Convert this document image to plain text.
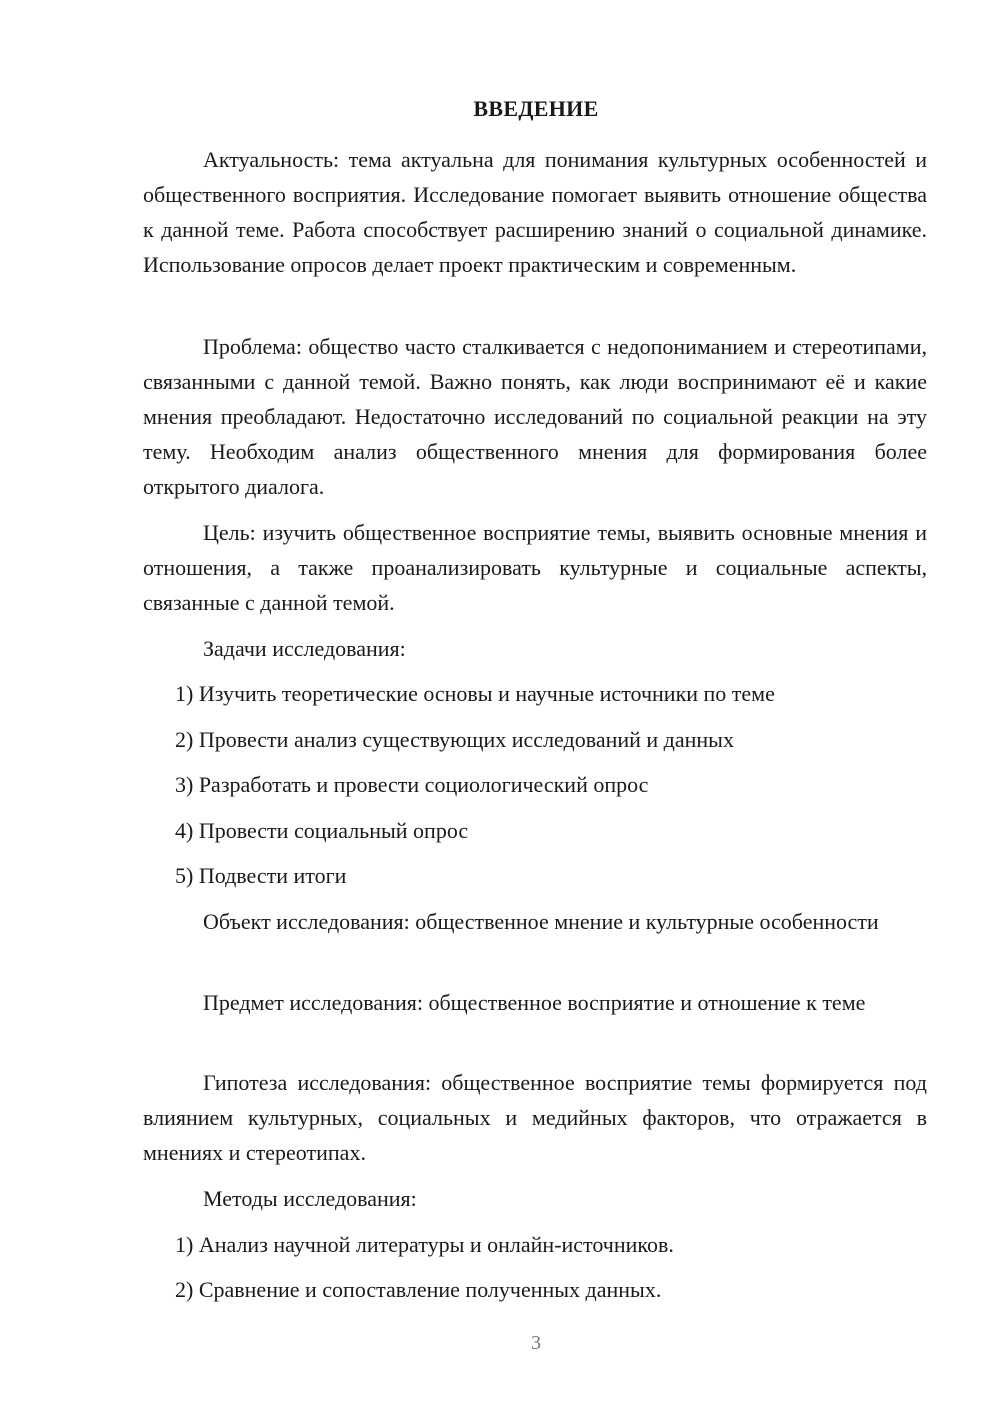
ВВЕДЕНИЕ

Актуальность: тема актуальна для понимания культурных особенностей и общественного восприятия. Исследование помогает выявить отношение общества к данной теме. Работа способствует расширению знаний о социальной динамике. Использование опросов делает проект практическим и современным.

Проблема: общество часто сталкивается с недопониманием и стереотипами, связанными с данной темой. Важно понять, как люди воспринимают её и какие мнения преобладают. Недостаточно исследований по социальной реакции на эту тему. Необходим анализ общественного мнения для формирования более открытого диалога.

Цель: изучить общественное восприятие темы, выявить основные мнения и отношения, а также проанализировать культурные и социальные аспекты, связанные с данной темой.

Задачи исследования:

1) Изучить теоретические основы и научные источники по теме
2) Провести анализ существующих исследований и данных
3) Разработать и провести социологический опрос
4) Провести социальный опрос
5) Подвести итоги

Объект исследования: общественное мнение и культурные особенности

Предмет исследования: общественное восприятие и отношение к теме

Гипотеза исследования: общественное восприятие темы формируется под влиянием культурных, социальных и медийных факторов, что отражается в мнениях и стереотипах.

Методы исследования:

1) Анализ научной литературы и онлайн-источников.
2) Сравнение и сопоставление полученных данных.
3
